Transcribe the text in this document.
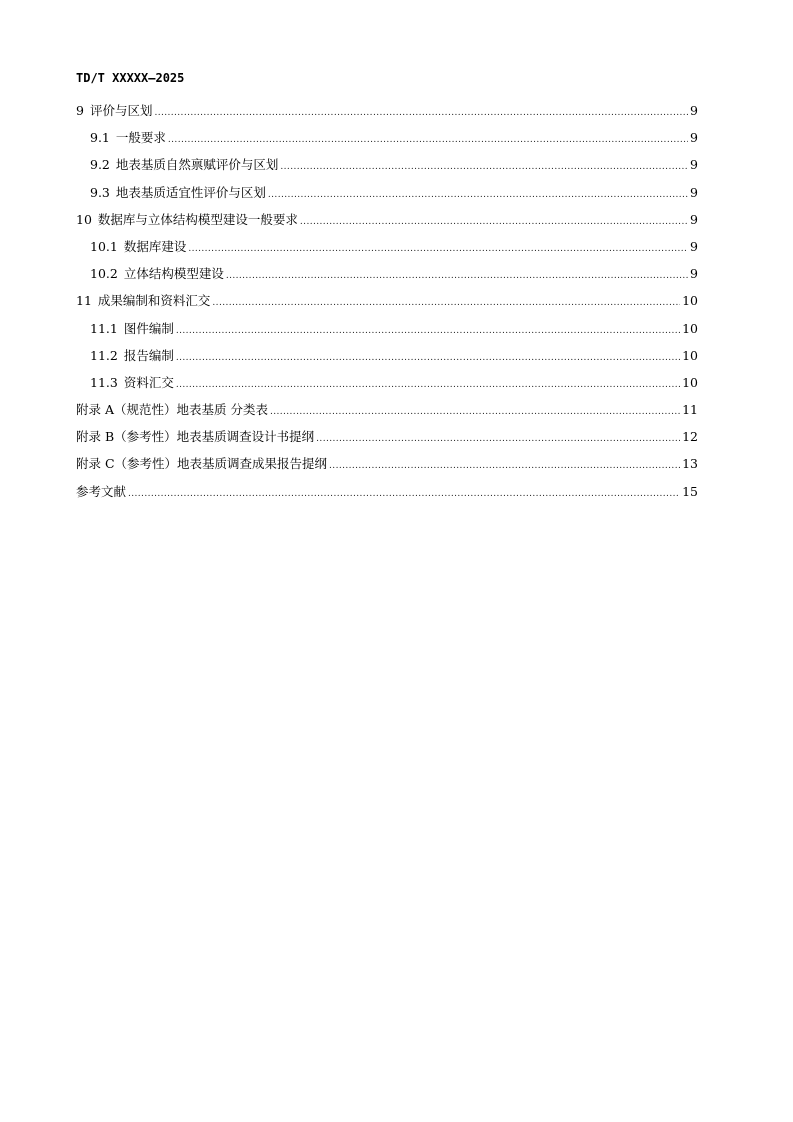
TD/T XXXXX—2025
9 评价与区划 .....	9
9.1 一般要求 .....	9
9.2 地表基质自然禀赋评价与区划 .....	9
9.3 地表基质适宜性评价与区划 .....	9
10 数据库与立体结构模型建设一般要求 .....	9
10.1 数据库建设 .....	9
10.2 立体结构模型建设 .....	9
11 成果编制和资料汇交 .....	10
11.1 图件编制 .....	10
11.2 报告编制 .....	10
11.3 资料汇交 .....	10
附录 A（规范性）地表基质 分类表 .....	11
附录 B（参考性）地表基质调查设计书提纲 .....	12
附录 C（参考性）地表基质调查成果报告提纲 .....	13
参考文献 .....	15
